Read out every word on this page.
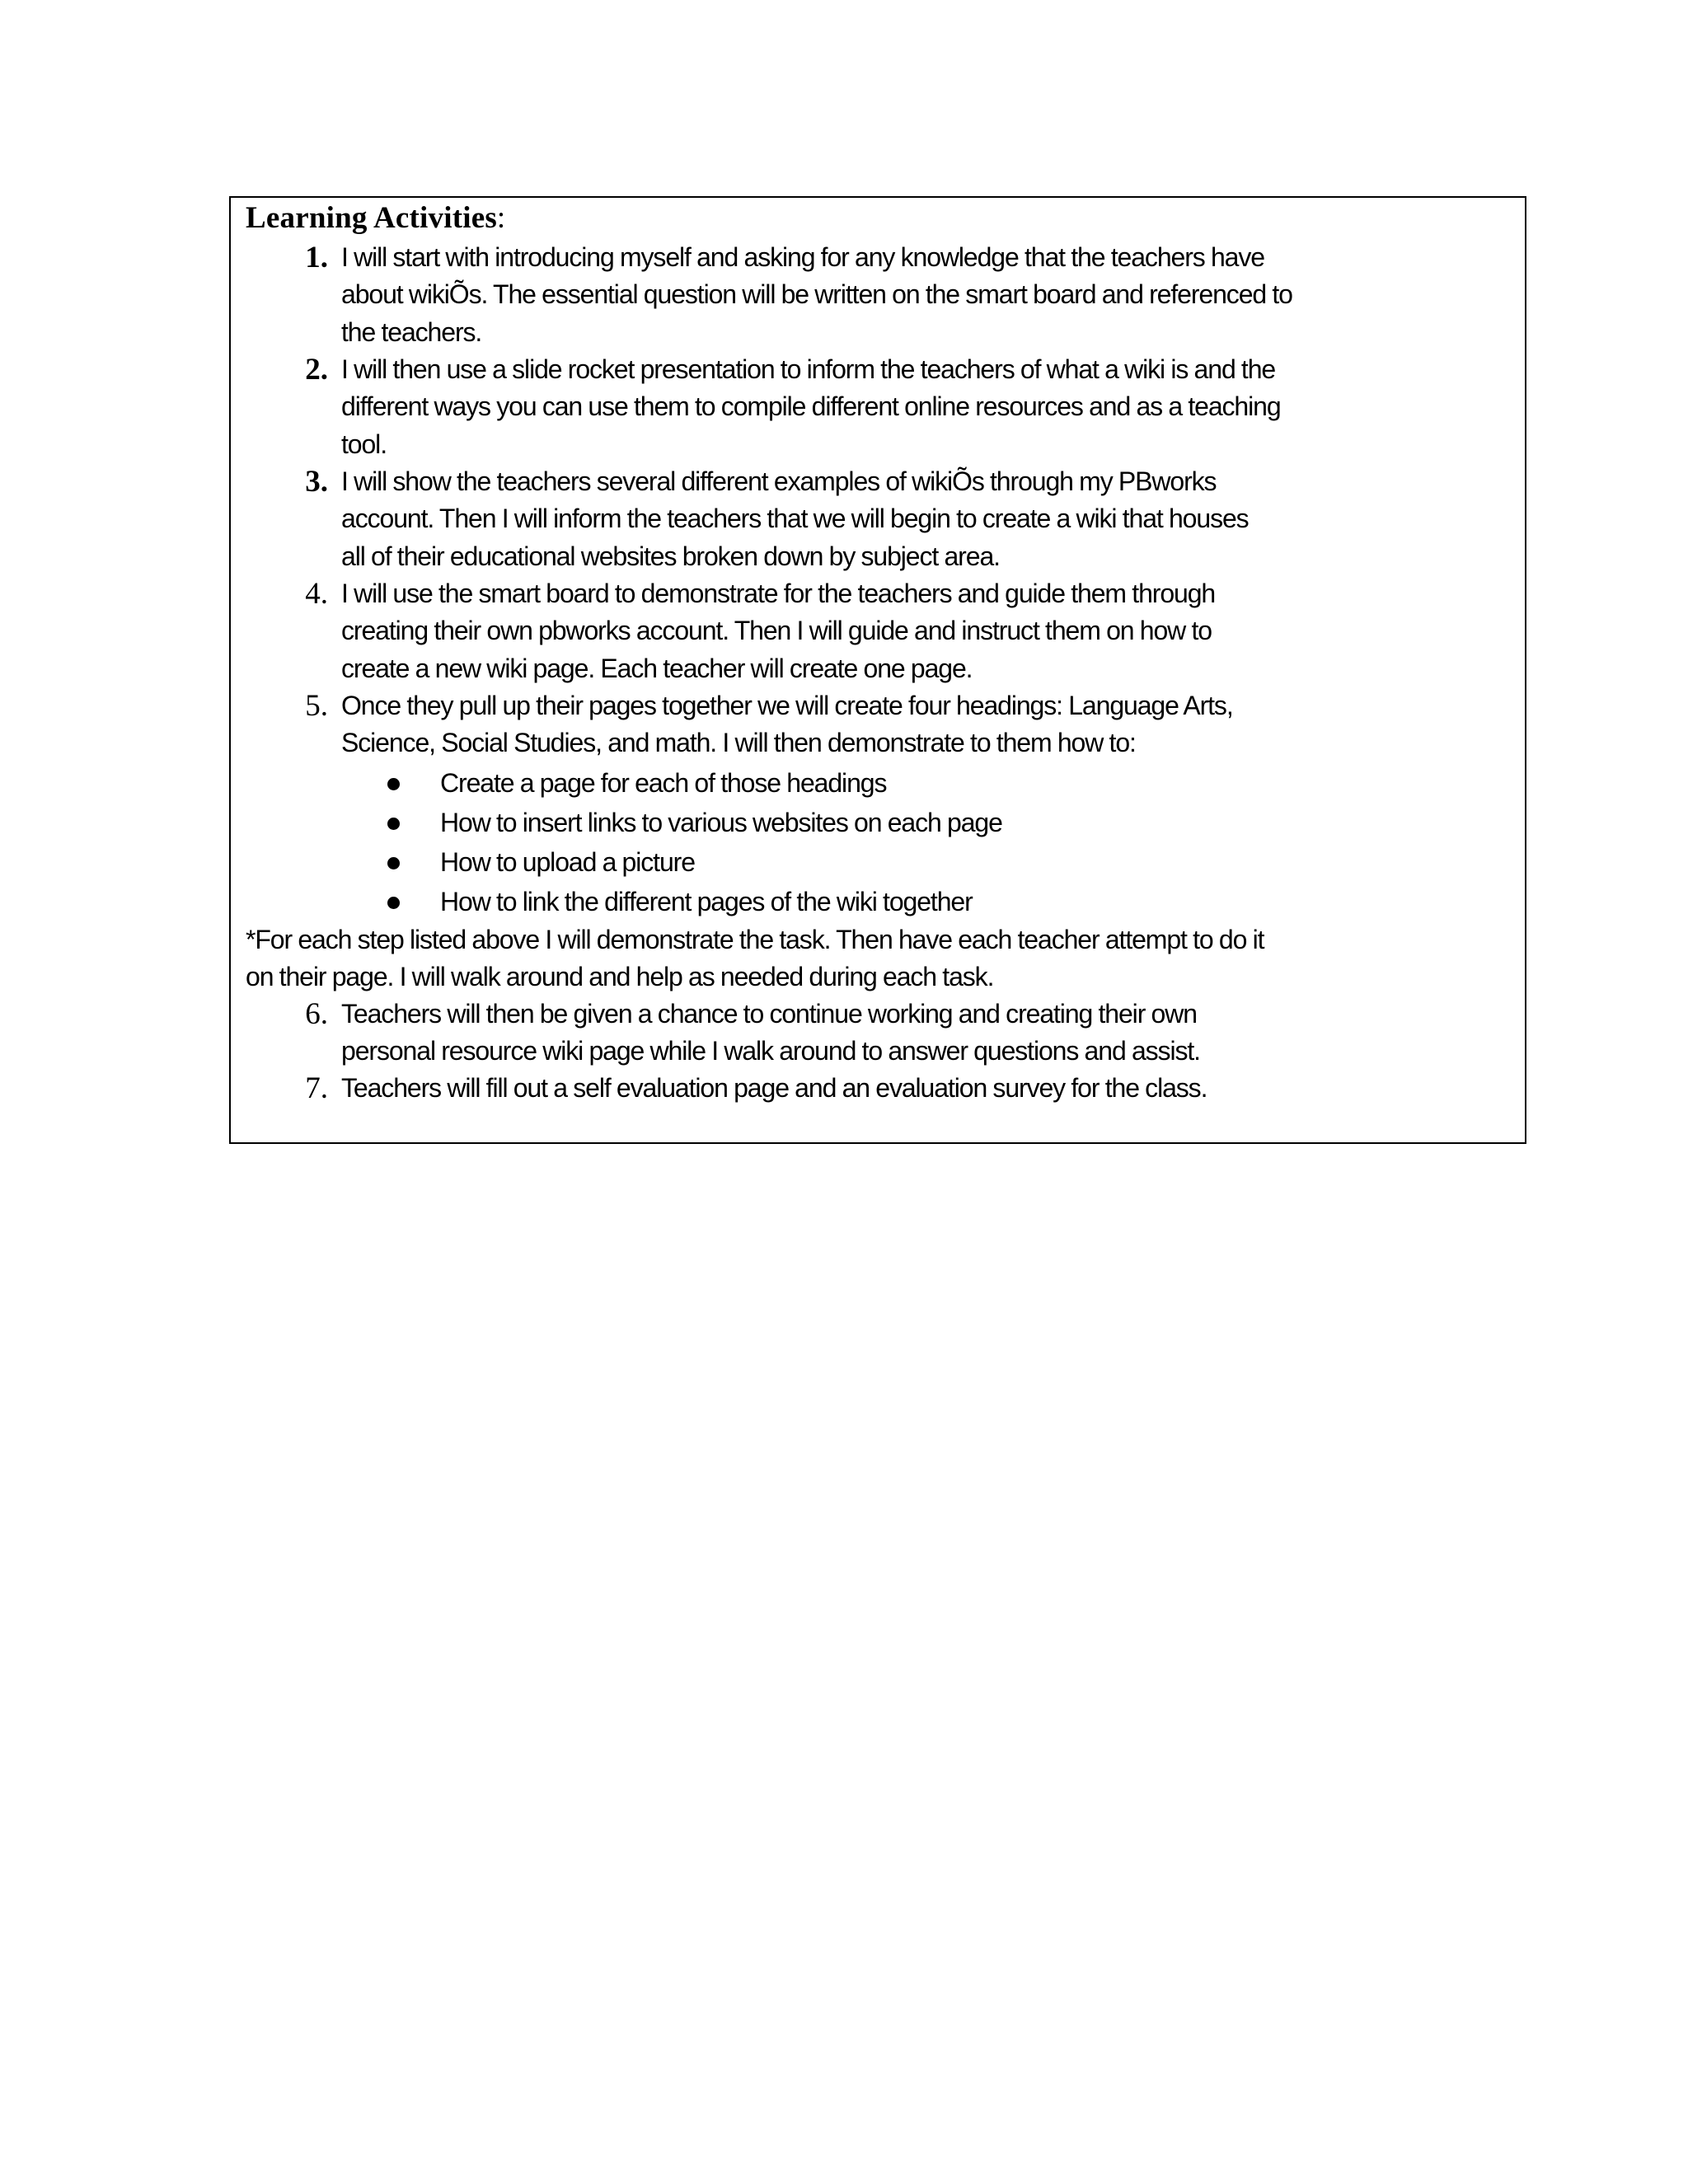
Learning Activities:
1. I will start with introducing myself and asking for any knowledge that the teachers have
about wikiÕs. The essential question will be written on the smart board and referenced to
the teachers.
2. I will then use a slide rocket presentation to inform the teachers of what a wiki is and the
different ways you can use them to compile different online resources and as a teaching
tool.
3. I will show the teachers several different examples of wikiÕs through my PBworks
account. Then I will inform the teachers that we will begin to create a wiki that houses
all of their educational websites broken down by subject area.
4. I will use the smart board to demonstrate for the teachers and guide them through
creating their own pbworks account. Then I will guide and instruct them on how to
create a new wiki page. Each teacher will create one page.
5. Once they pull up their pages together we will create four headings: Language Arts,
Science, Social Studies, and math. I will then demonstrate to them how to:
Create a page for each of those headings
How to insert links to various websites on each page
How to upload a picture
How to link the different pages of the wiki together
*For each step listed above I will demonstrate the task. Then have each teacher attempt to do it
on their page. I will walk around and help as needed during each task.
6. Teachers will then be given a chance to continue working and creating their own
personal resource wiki page while I walk around to answer questions and assist.
7. Teachers will fill out a self evaluation page and an evaluation survey for the class.
